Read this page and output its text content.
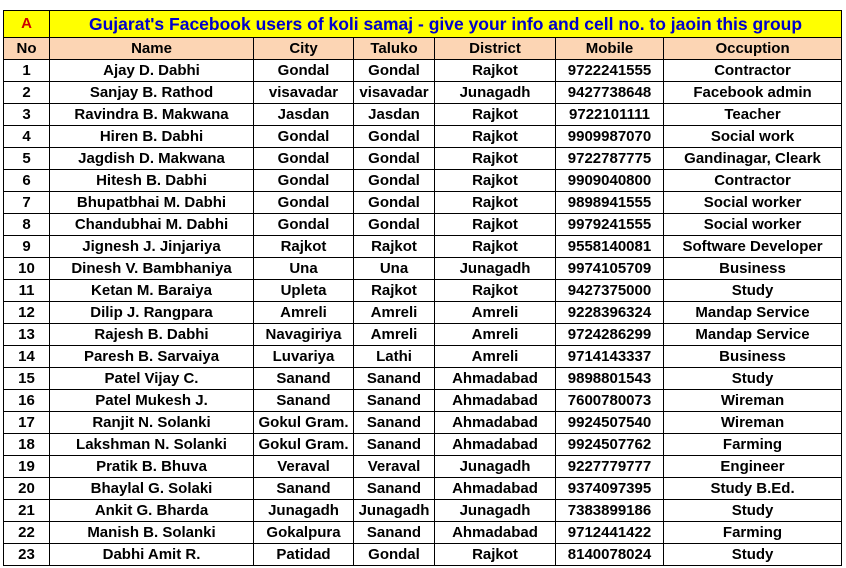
A	Gujarat's Facebook users of koli samaj - give your info and cell no. to jaoin this group					
No	Name	City	Taluko	District	Mobile	Occuption
1	Ajay D. Dabhi	Gondal	Gondal	Rajkot	9722241555	Contractor
2	Sanjay B. Rathod	visavadar	visavadar	Junagadh	9427738648	Facebook admin
3	Ravindra B. Makwana	Jasdan	Jasdan	Rajkot	9722101111	Teacher
4	Hiren B. Dabhi	Gondal	Gondal	Rajkot	9909987070	Social work
5	Jagdish D. Makwana	Gondal	Gondal	Rajkot	9722787775	Gandinagar, Cleark
6	Hitesh B. Dabhi	Gondal	Gondal	Rajkot	9909040800	Contractor
7	Bhupatbhai M. Dabhi	Gondal	Gondal	Rajkot	9898941555	Social worker
8	Chandubhai M. Dabhi	Gondal	Gondal	Rajkot	9979241555	Social worker
9	Jignesh J. Jinjariya	Rajkot	Rajkot	Rajkot	9558140081	Software Developer
10	Dinesh V. Bambhaniya	Una	Una	Junagadh	9974105709	Business
11	Ketan M. Baraiya	Upleta	Rajkot	Rajkot	9427375000	Study
12	Dilip J. Rangpara	Amreli	Amreli	Amreli	9228396324	Mandap Service
13	Rajesh B. Dabhi	Navagiriya	Amreli	Amreli	9724286299	Mandap Service
14	Paresh B. Sarvaiya	Luvariya	Lathi	Amreli	9714143337	Business
15	Patel Vijay C.	Sanand	Sanand	Ahmadabad	9898801543	Study
16	Patel Mukesh J.	Sanand	Sanand	Ahmadabad	7600780073	Wireman
17	Ranjit N. Solanki	Gokul Gram.	Sanand	Ahmadabad	9924507540	Wireman
18	Lakshman N. Solanki	Gokul Gram.	Sanand	Ahmadabad	9924507762	Farming
19	Pratik B. Bhuva	Veraval	Veraval	Junagadh	9227779777	Engineer
20	Bhaylal G. Solaki	Sanand	Sanand	Ahmadabad	9374097395	Study B.Ed.
21	Ankit G. Bharda	Junagadh	Junagadh	Junagadh	7383899186	Study
22	Manish B. Solanki	Gokalpura	Sanand	Ahmadabad	9712441422	Farming
23	Dabhi Amit R.	Patidad	Gondal	Rajkot	8140078024	Study
